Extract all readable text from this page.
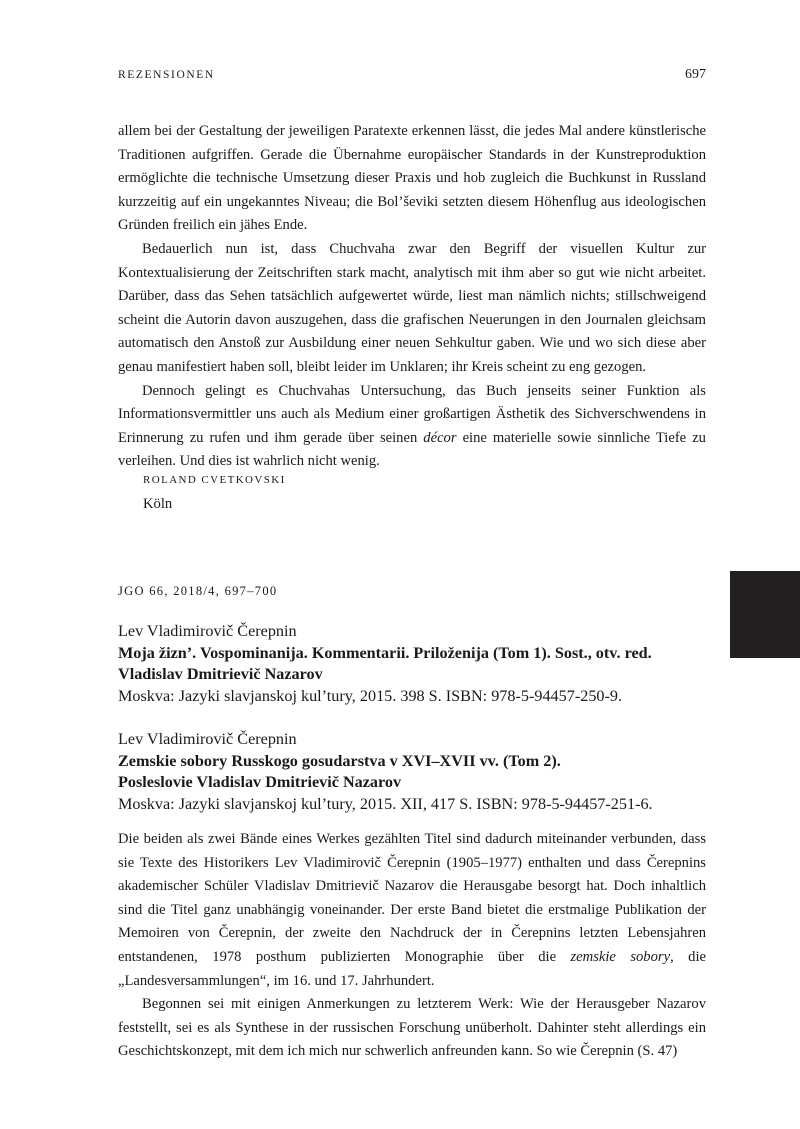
REZENSIONEN	697

allem bei der Gestaltung der jeweiligen Paratexte erkennen lässt, die jedes Mal andere künstlerische Traditionen aufgriffen. Gerade die Übernahme europäischer Standards in der Kunstreproduktion ermöglichte die technische Umsetzung dieser Praxis und hob zugleich die Buchkunst in Russland kurzzeitig auf ein ungekanntes Niveau; die Bol’ševiki setzten diesem Höhenflug aus ideologischen Gründen freilich ein jähes Ende.

Bedauerlich nun ist, dass Chuchvaha zwar den Begriff der visuellen Kultur zur Kontextualisierung der Zeitschriften stark macht, analytisch mit ihm aber so gut wie nicht arbeitet. Darüber, dass das Sehen tatsächlich aufgewertet würde, liest man nämlich nichts; stillschweigend scheint die Autorin davon auszugehen, dass die grafischen Neuerungen in den Journalen gleichsam automatisch den Anstoß zur Ausbildung einer neuen Sehkultur gaben. Wie und wo sich diese aber genau manifestiert haben soll, bleibt leider im Unklaren; ihr Kreis scheint zu eng gezogen.

Dennoch gelingt es Chuchvahas Untersuchung, das Buch jenseits seiner Funktion als Informationsvermittler uns auch als Medium einer großartigen Ästhetik des Sichverschwendens in Erinnerung zu rufen und ihm gerade über seinen décor eine materielle sowie sinnliche Tiefe zu verleihen. Und dies ist wahrlich nicht wenig.

ROLAND CVETKOVSKI
Köln
JGO 66, 2018/4, 697–700
Lev Vladimirovič Čerepnin
Moja žizn’. Vospominanija. Kommentarii. Priloženija (Tom 1). Sost., otv. red.
Vladislav Dmitrievič Nazarov
Moskva: Jazyki slavjanskoj kul’tury, 2015. 398 S. ISBN: 978-5-94457-250-9.
Lev Vladimirovič Čerepnin
Zemskie sobory Russkogo gosudarstva v XVI–XVII vv. (Tom 2).
Posleslovie Vladislav Dmitrievič Nazarov
Moskva: Jazyki slavjanskoj kul’tury, 2015. XII, 417 S. ISBN: 978-5-94457-251-6.

Die beiden als zwei Bände eines Werkes gezählten Titel sind dadurch miteinander verbunden, dass sie Texte des Historikers Lev Vladimirovič Čerepnin (1905–1977) enthalten und dass Čerepnins akademischer Schüler Vladislav Dmitrievič Nazarov die Herausgabe besorgt hat. Doch inhaltlich sind die Titel ganz unabhängig voneinander. Der erste Band bietet die erstmalige Publikation der Memoiren von Čerepnin, der zweite den Nachdruck der in Čerepnins letzten Lebensjahren entstandenen, 1978 posthum publizierten Monographie über die zemskie sobory, die „Landesversammlungen“, im 16. und 17. Jahrhundert.

Begonnen sei mit einigen Anmerkungen zu letzterem Werk: Wie der Herausgeber Nazarov feststellt, sei es als Synthese in der russischen Forschung unüberholt. Dahinter steht allerdings ein Geschichtskonzept, mit dem ich mich nur schwerlich anfreunden kann. So wie Čerepnin (S. 47)
